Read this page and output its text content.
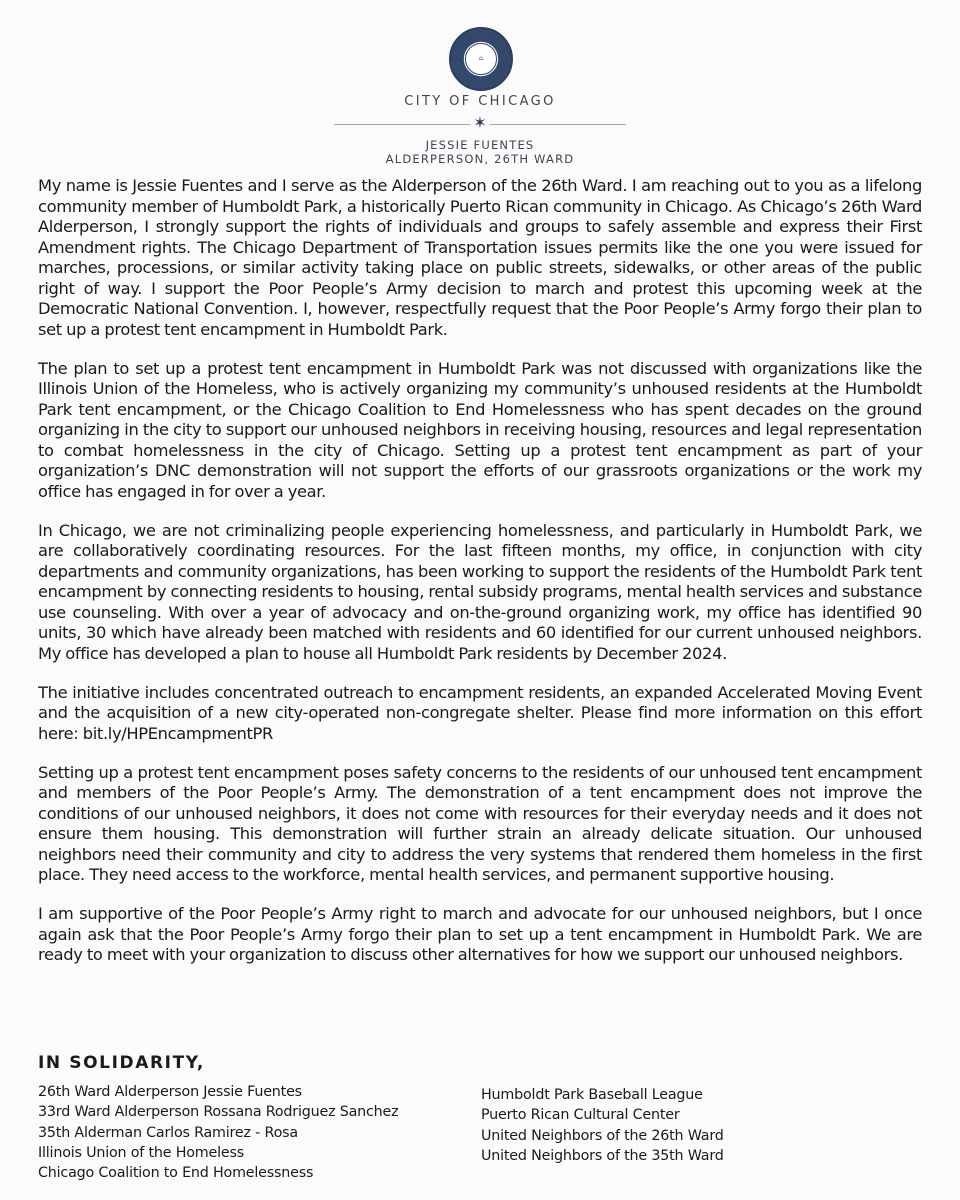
⌂
CITY OF CHICAGO
✶
JESSIE FUENTES
ALDERPERSON, 26TH WARD

My name is Jessie Fuentes and I serve as the Alderperson of the 26th Ward. I am reaching out to you as a lifelong community member of Humboldt Park, a historically Puerto Rican community in Chicago. As Chicago’s 26th Ward Alderperson, I strongly support the rights of individuals and groups to safely assemble and express their First Amendment rights. The Chicago Department of Transportation issues permits like the one you were issued for marches, processions, or similar activity taking place on public streets, sidewalks, or other areas of the public right of way. I support the Poor People’s Army decision to march and protest this upcoming week at the Democratic National Convention. I, however, respectfully request that the Poor People’s Army forgo their plan to set up a protest tent encampment in Humboldt Park.

The plan to set up a protest tent encampment in Humboldt Park was not discussed with organizations like the Illinois Union of the Homeless, who is actively organizing my community’s unhoused residents at the Humboldt Park tent encampment, or the Chicago Coalition to End Homelessness who has spent decades on the ground organizing in the city to support our unhoused neighbors in receiving housing, resources and legal representation to combat homelessness in the city of Chicago. Setting up a protest tent encampment as part of your organization’s DNC demonstration will not support the efforts of our grassroots organizations or the work my office has engaged in for over a year.

In Chicago, we are not criminalizing people experiencing homelessness, and particularly in Humboldt Park, we are collaboratively coordinating resources. For the last fifteen months, my office, in conjunction with city departments and community organizations, has been working to support the residents of the Humboldt Park tent encampment by connecting residents to housing, rental subsidy programs, mental health services and substance use counseling. With over a year of advocacy and on-the-ground organizing work, my office has identified 90 units, 30 which have already been matched with residents and 60 identified for our current unhoused neighbors. My office has developed a plan to house all Humboldt Park residents by December 2024.

The initiative includes concentrated outreach to encampment residents, an expanded Accelerated Moving Event and the acquisition of a new city-operated non-congregate shelter. Please find more information on this effort here: bit.ly/HPEncampmentPR

Setting up a protest tent encampment poses safety concerns to the residents of our unhoused tent encampment and members of the Poor People’s Army. The demonstration of a tent encampment does not improve the conditions of our unhoused neighbors, it does not come with resources for their everyday needs and it does not ensure them housing. This demonstration will further strain an already delicate situation. Our unhoused neighbors need their community and city to address the very systems that rendered them homeless in the first place. They need access to the workforce, mental health services, and permanent supportive housing.

I am supportive of the Poor People’s Army right to march and advocate for our unhoused neighbors, but I once again ask that the Poor People’s Army forgo their plan to set up a tent encampment in Humboldt Park. We are ready to meet with your organization to discuss other alternatives for how we support our unhoused neighbors.

IN SOLIDARITY,
26th Ward Alderperson Jessie Fuentes
33rd Ward Alderperson Rossana Rodriguez Sanchez
35th Alderman Carlos Ramirez - Rosa
Illinois Union of the Homeless
Chicago Coalition to End Homelessness
Humboldt Park Baseball League
Puerto Rican Cultural Center
United Neighbors of the 26th Ward
United Neighbors of the 35th Ward
